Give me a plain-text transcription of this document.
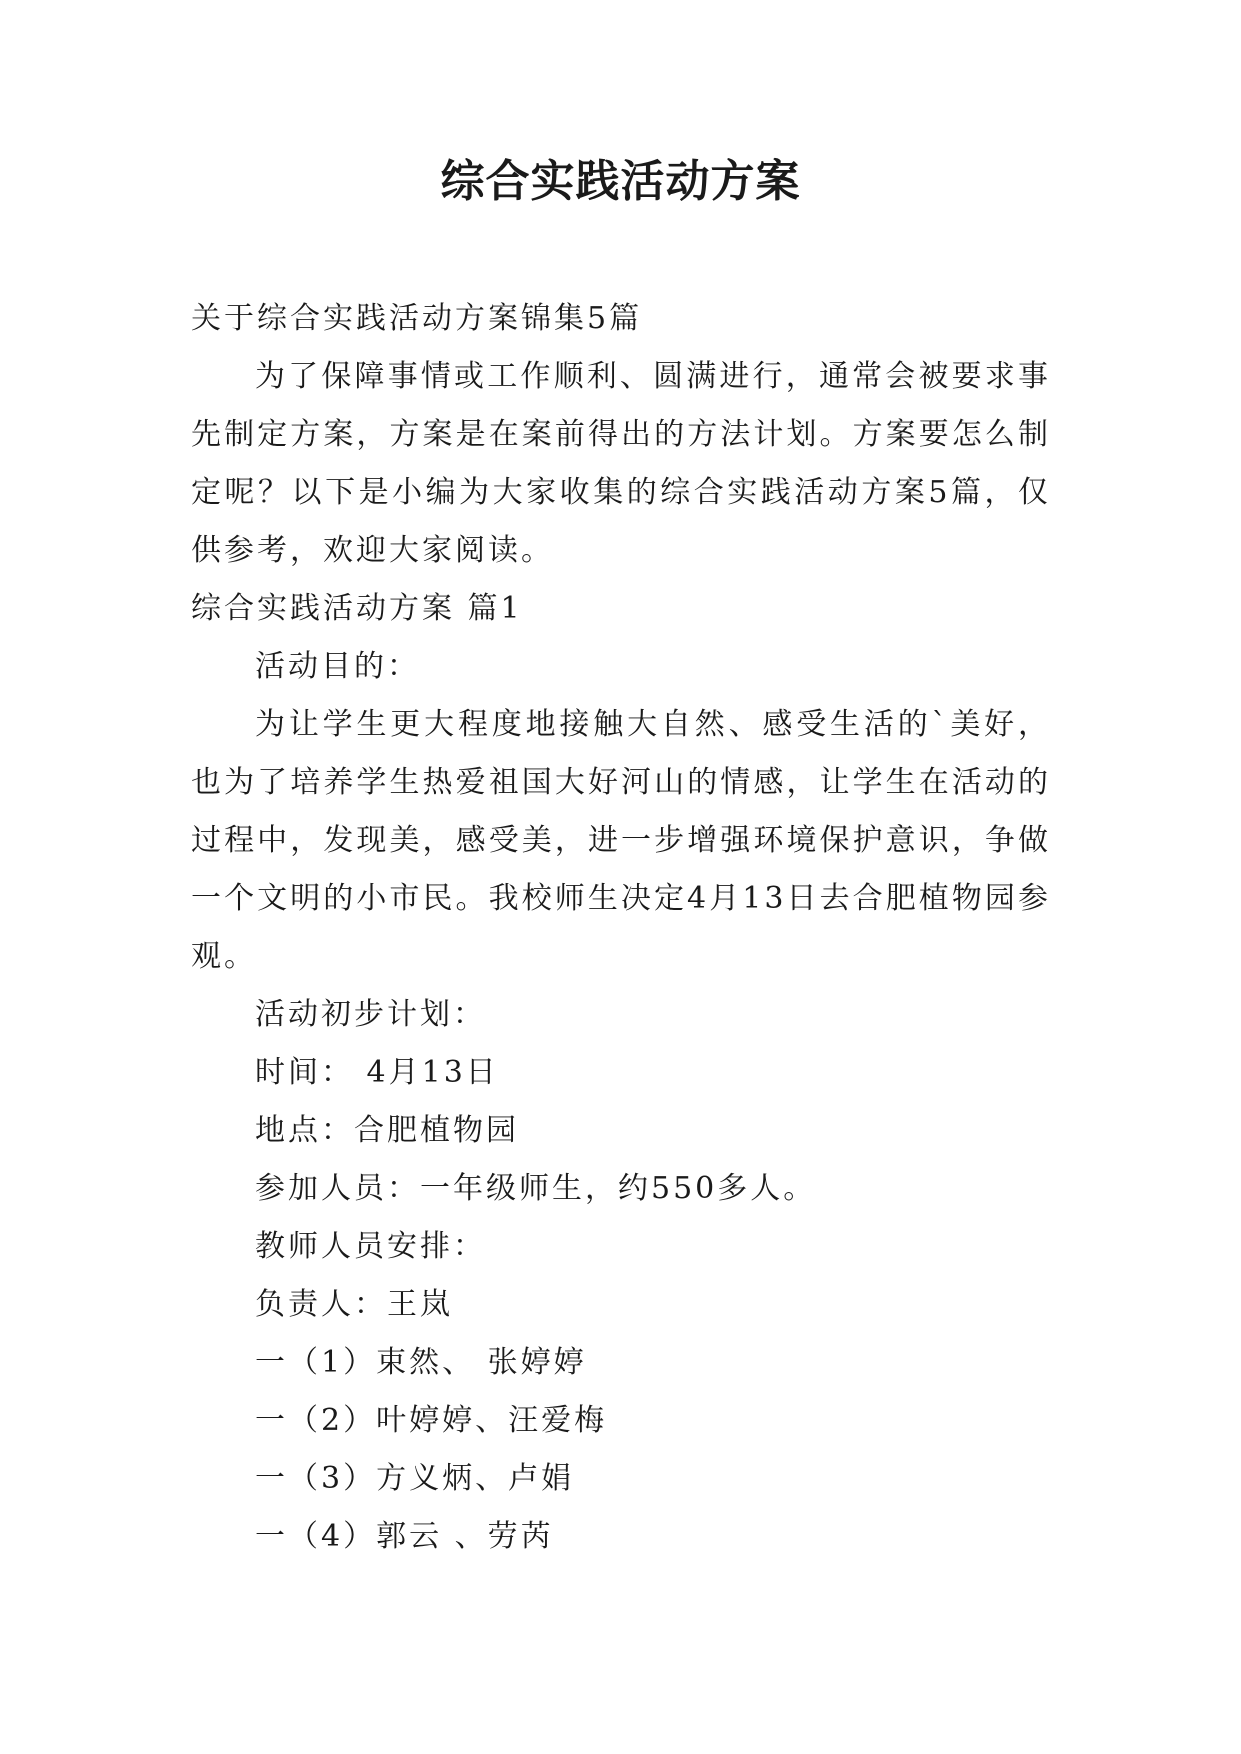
综合实践活动方案

关于综合实践活动方案锦集5篇

为了保障事情或工作顺利、圆满进行，通常会被要求事先制定方案，方案是在案前得出的方法计划。方案要怎么制定呢？以下是小编为大家收集的综合实践活动方案5篇，仅供参考，欢迎大家阅读。

综合实践活动方案 篇1

活动目的：

为让学生更大程度地接触大自然、感受生活的`美好，也为了培养学生热爱祖国大好河山的情感，让学生在活动的过程中，发现美，感受美，进一步增强环境保护意识，争做一个文明的小市民。我校师生决定4月13日去合肥植物园参观。

活动初步计划：

时间： 4月13日

地点：合肥植物园

参加人员：一年级师生，约550多人。

教师人员安排：

负责人：王岚

一（1）束然、 张婷婷

一（2）叶婷婷、汪爱梅

一（3）方义炳、卢娟

一（4）郭云 、劳芮
